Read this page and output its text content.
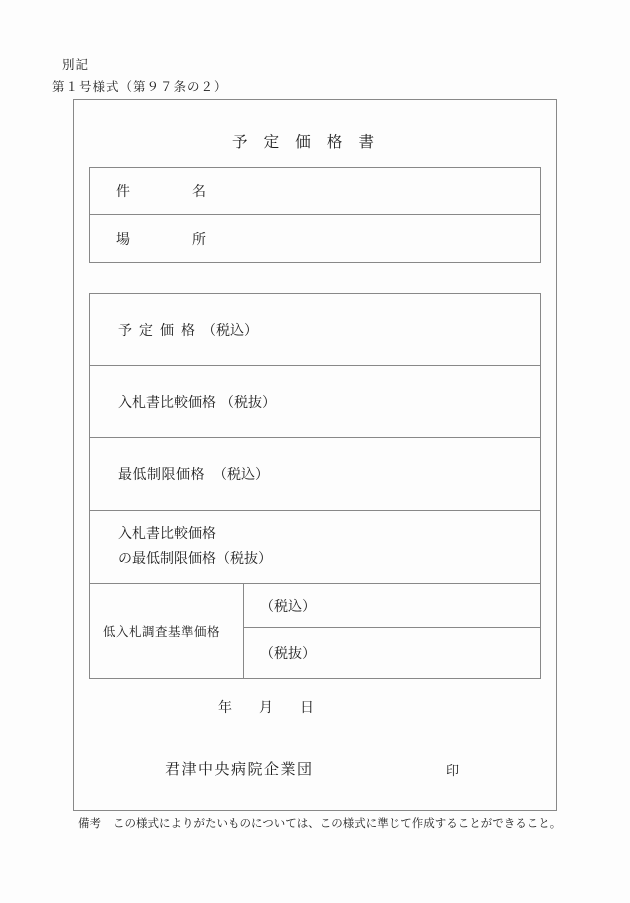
別記
第１号様式（第９７条の２）
予定価格書
件名
場所
予定価格 （税込）
入札書比較価格 （税抜）
最低制限価格 （税込）
入札書比較価格
の最低制限価格（税抜）
低入札調査基準価格
（税込）
（税抜）
年月日
君津中央病院企業団	印
備考 この様式によりがたいものについては、この様式に準じて作成することができること。
